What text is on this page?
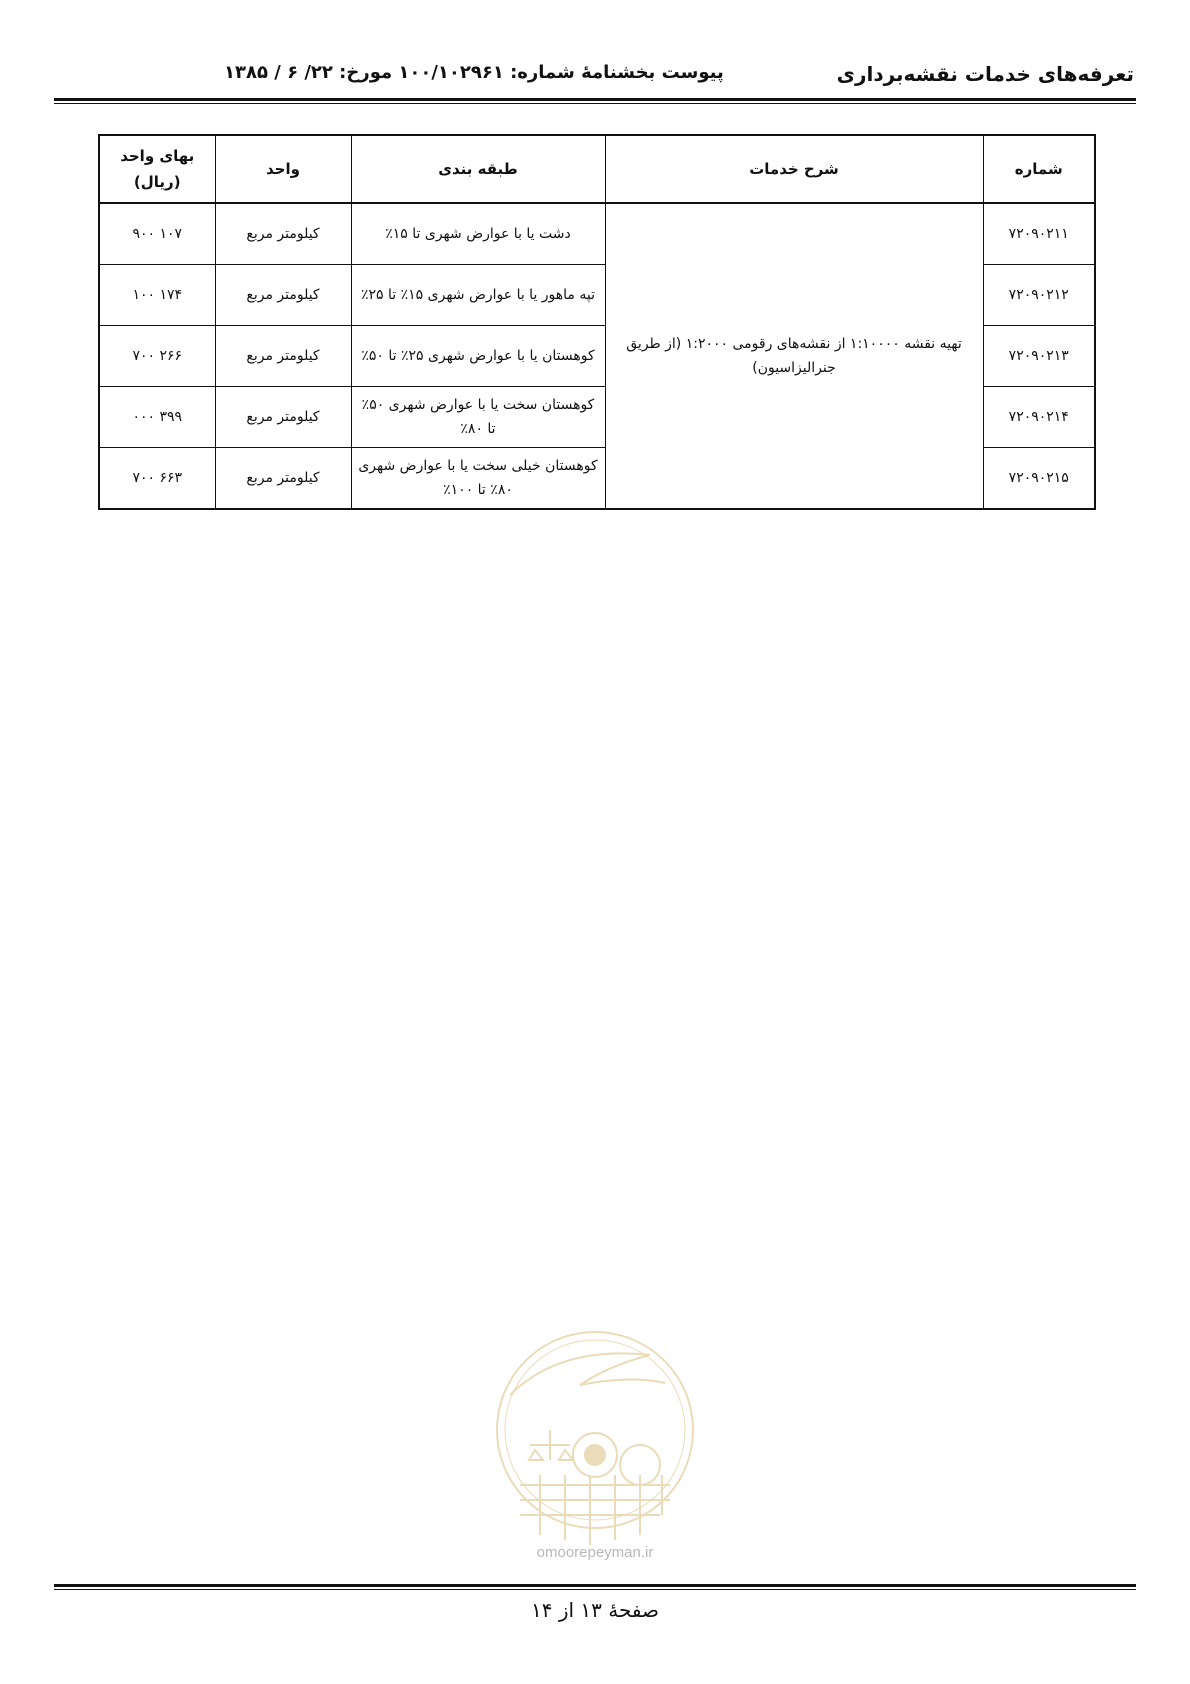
تعرفه‌های خدمات نقشه‌برداری
پیوست بخشنامهٔ شماره: ۱۰۰/۱۰۲۹۶۱ مورخ: ۲۲/ ۶ / ۱۳۸۵
شماره	شرح خدمات	طبقه بندی	واحد	بهای واحد (ریال)
۷۲۰۹۰۲۱۱	تهیه نقشه ۱:۱۰۰۰۰ از نقشه‌های رقومی ۱:۲۰۰۰ (از طریق جنرالیزاسیون)	دشت یا با عوارض شهری تا ۱۵٪	کیلومتر مربع	۱۰۷ ۹۰۰
۷۲۰۹۰۲۱۲		تپه ماهور یا با عوارض شهری ۱۵٪ تا ۲۵٪	کیلومتر مربع	۱۷۴ ۱۰۰
۷۲۰۹۰۲۱۳		کوهستان یا با عوارض شهری ۲۵٪ تا ۵۰٪	کیلومتر مربع	۲۶۶ ۷۰۰
۷۲۰۹۰۲۱۴		کوهستان سخت یا با عوارض شهری ۵۰٪ تا ۸۰٪	کیلومتر مربع	۳۹۹ ۰۰۰
۷۲۰۹۰۲۱۵		کوهستان خیلی سخت یا با عوارض شهری ۸۰٪ تا ۱۰۰٪	کیلومتر مربع	۶۶۳ ۷۰۰
omoorepeyman.ir
صفحهٔ ۱۳ از ۱۴
